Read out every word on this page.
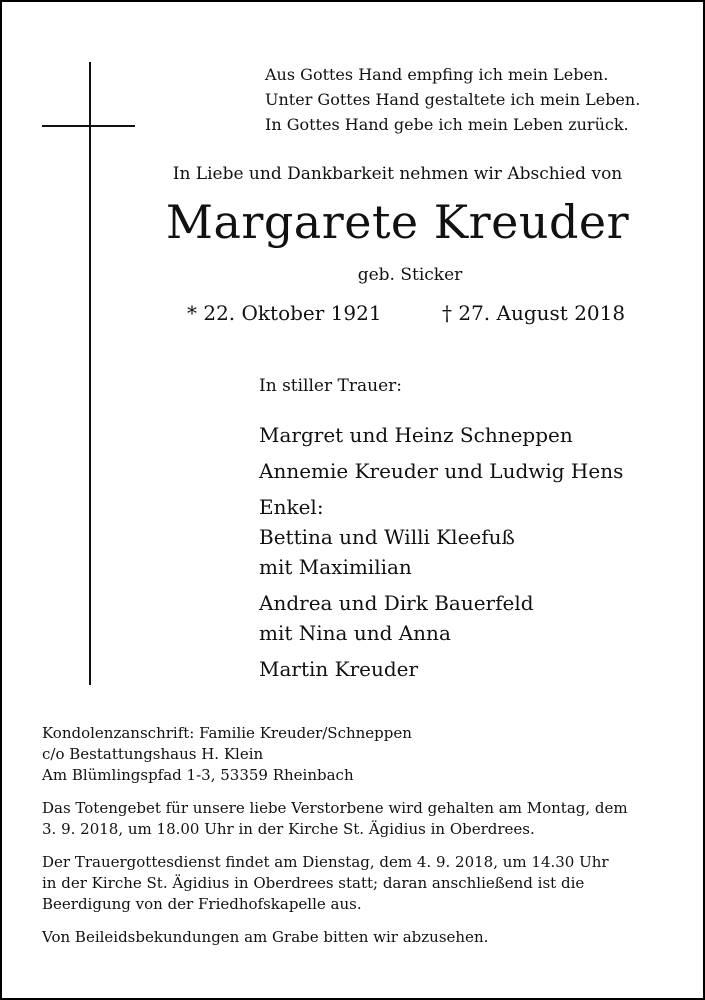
Aus Gottes Hand empfing ich mein Leben.
Unter Gottes Hand gestaltete ich mein Leben.
In Gottes Hand gebe ich mein Leben zurück.
In Liebe und Dankbarkeit nehmen wir Abschied von
Margarete Kreuder
geb. Sticker
* 22. Oktober 1921	† 27. August 2018
In stiller Trauer:
Margret und Heinz Schneppen
Annemie Kreuder und Ludwig Hens
Enkel:
Bettina und Willi Kleefuß
mit Maximilian
Andrea und Dirk Bauerfeld
mit Nina und Anna
Martin Kreuder
Kondolenzanschrift: Familie Kreuder/Schneppen
c/o Bestattungshaus H. Klein
Am Blümlingspfad 1-3, 53359 Rheinbach
Das Totengebet für unsere liebe Verstorbene wird gehalten am Montag, dem
3. 9. 2018, um 18.00 Uhr in der Kirche St. Ägidius in Oberdrees.
Der Trauergottesdienst findet am Dienstag, dem 4. 9. 2018, um 14.30 Uhr
in der Kirche St. Ägidius in Oberdrees statt; daran anschließend ist die
Beerdigung von der Friedhofskapelle aus.
Von Beileidsbekundungen am Grabe bitten wir abzusehen.
